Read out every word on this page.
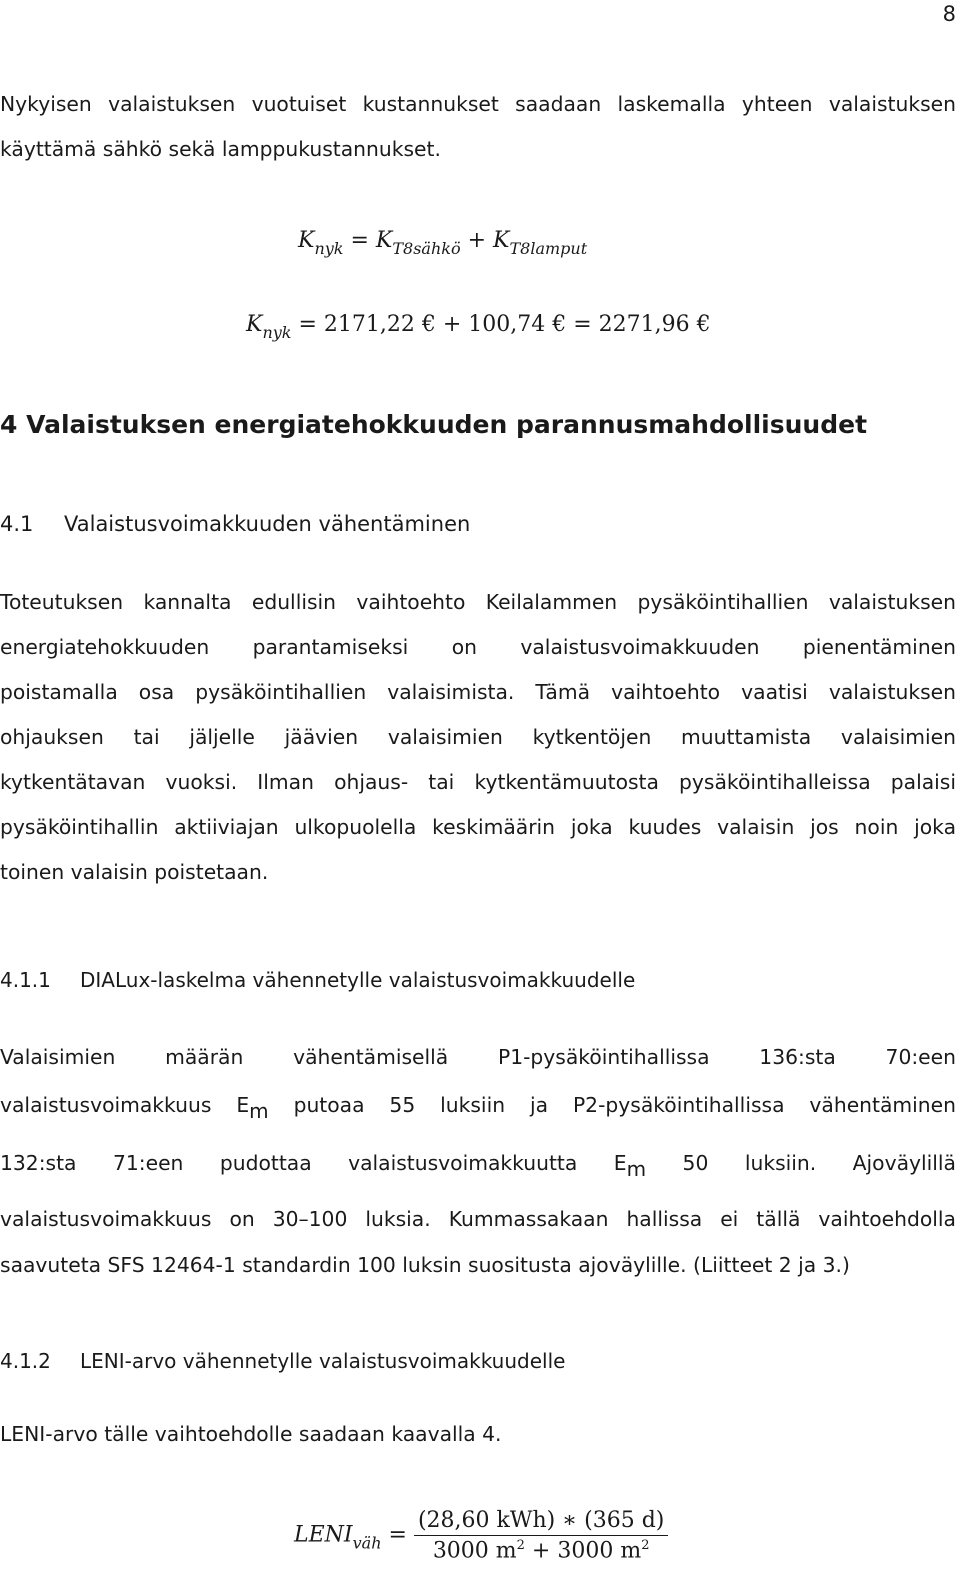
8
Nykyisen valaistuksen vuotuiset kustannukset saadaan laskemalla yhteen valaistuksen
käyttämä sähkö sekä lamppukustannukset.
$K_{nyk} = K_{T8sähkö} + K_{T8lamput}$
$K_{nyk} = 2171,22$ € + 100,74 € = 2271,96 €
4 Valaistuksen energiatehokkuuden parannusmahdollisuudet
4.1 Valaistusvoimakkuuden vähentäminen
Toteutuksen kannalta edullisin vaihtoehto Keilalammen pysäköintihallien valaistuksen
energiatehokkuuden parantamiseksi on valaistusvoimakkuuden pienentäminen
poistamalla osa pysäköintihallien valaisimista. Tämä vaihtoehto vaatisi valaistuksen
ohjauksen tai jäljelle jäävien valaisimien kytkentöjen muuttamista valaisimien
kytkentätavan vuoksi. Ilman ohjaus- tai kytkentämuutosta pysäköintihalleissa palaisi
pysäköintihallin aktiiviajan ulkopuolella keskimäärin joka kuudes valaisin jos noin joka
toinen valaisin poistetaan.
4.1.1 DIALux-laskelma vähennetylle valaistusvoimakkuudelle
Valaisimien määrän vähentämisellä P1-pysäköintihallissa 136:sta 70:een
valaistusvoimakkuus $E_m$ putoaa 55 luksiin ja P2-pysäköintihallissa vähentäminen
132:sta 71:een pudottaa valaistusvoimakkuutta $E_m$ 50 luksiin. Ajoväylillä
valaistusvoimakkuus on 30–100 luksia. Kummassakaan hallissa ei tällä vaihtoehdolla
saavuteta SFS 12464-1 standardin 100 luksin suositusta ajoväylille. (Liitteet 2 ja 3.)
4.1.2 LENI-arvo vähennetylle valaistusvoimakkuudelle
LENI-arvo tälle vaihtoehdolle saadaan kaavalla 4.
$LENI_{väh} = \frac{\text{(28,60 kWh) ∗ (365 d)}}{3000 m^2 + 3000 m^2}$
